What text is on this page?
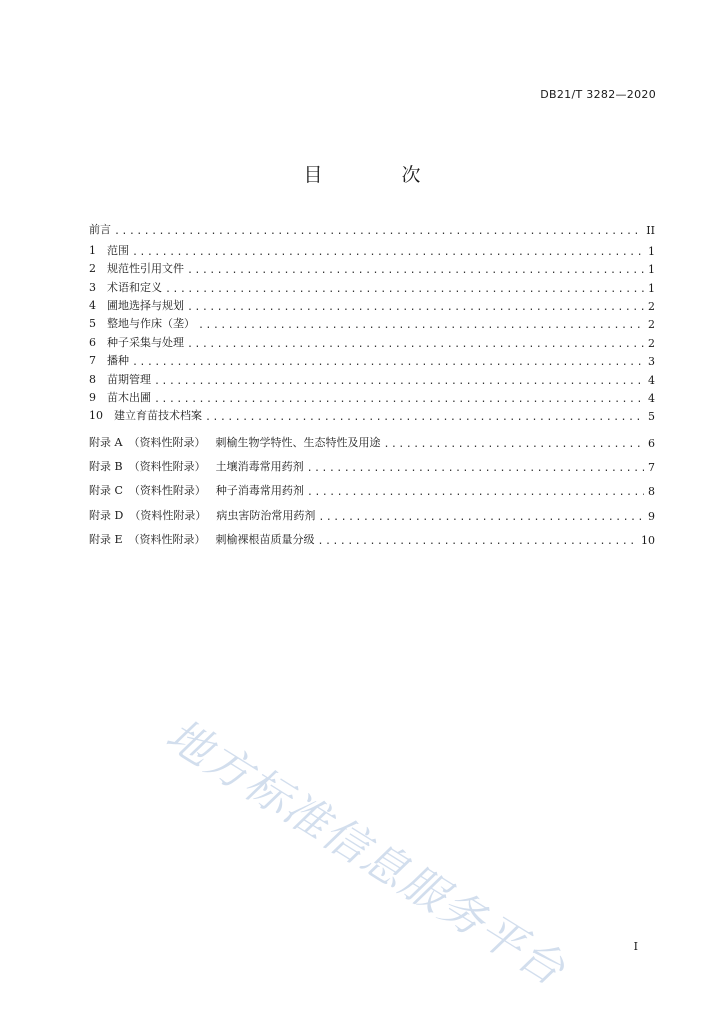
DB21/T 3282—2020
目　次
前言 .....	II
1　范围 .....	1
2　规范性引用文件 .....	1
3　术语和定义 .....	1
4　圃地选择与规划 .....	2
5　整地与作床（垄） .....	2
6　种子采集与处理 .....	2
7　播种 .....	3
8　苗期管理 .....	4
9　苗木出圃 .....	4
10　建立育苗技术档案 .....	5
附录 A （资料性附录） 刺榆生物学特性、生态特性及用途 .....	6
附录 B （资料性附录） 土壤消毒常用药剂 .....	7
附录 C （资料性附录） 种子消毒常用药剂 .....	8
附录 D （资料性附录） 病虫害防治常用药剂 .....	9
附录 E （资料性附录） 刺榆裸根苗质量分级 .....	10
地方标准信息服务平台	I
